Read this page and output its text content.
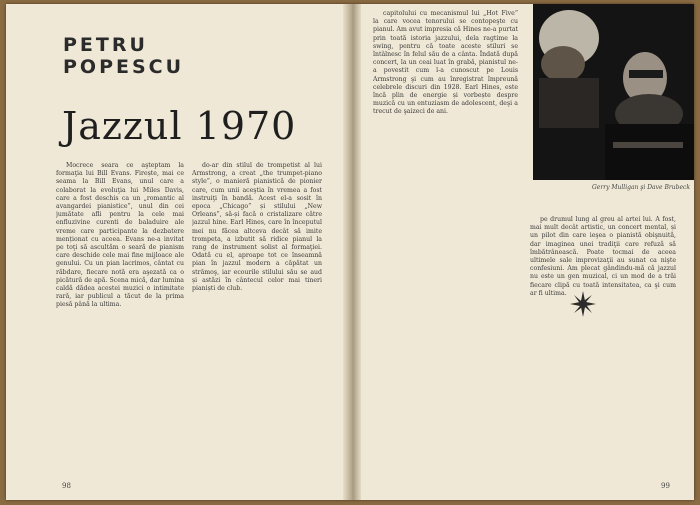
PETRU
POPESCU
Jazzul 1970

Mocrece seara ce aşteptam la formaţia lui Bill Evans. Firește, mai ce seama la Bill Evans, unul care a colaborat la evoluţia lui Miles Davis, care a fost deschis ca un „romantic al avangardei pianistice”, unul din cei jumătate afli pentru la cele mai enfluzivine curenti de baladuire ale vreme care participante la dezbatere menționat cu aceea. Evans ne-a invitat pe toţi să ascultăm o seară de pianism care deschide cele mai fine mijloace ale genului. Cu un pian lacrimos, cântat cu răbdare, fiecare notă era aşezată ca o picătură de apă. Scena mică, dar lumina caldă dădea acestei muzici o intimitate rară, iar publicul a tăcut de la prima piesă până la ultima.

do-ar din stilul de trompetist al lui Armstrong, a creat „the trumpet-piano style”, o manieră pianistică de pionier care, cum unii aceştia în vremea a fost instruiţi în bandă. Acest el-a sosit în epoca „Chicago” și stilului „New Orleans”, să-și facă o cristalizare către jazzul hine. Earl Hines, care în începutul mei nu făcea altceva decât să imite trompeta, a izbutit să ridice pianul la rang de instrument solist al formaţiei. Odată cu el, aproape tot ce înseamnă pian în jazzul modern a căpătat un strămoş, iar ecourile stilului său se aud și astăzi în cântecul celor mai tineri pianiști de club.

98

capitolului cu mecanismul lui „Hot Five” la care vocea tenorului se contopeşte cu pianul. Am avut impresia că Hines ne-a purtat prin toată istoria jazzului, dela ragtime la swing, pentru că toate aceste stiluri se întâlnesc în felul său de a cânta. Îndată după concert, la un ceai luat în grabă, pianistul ne-a povestit cum l-a cunoscut pe Louis Armstrong şi cum au înregistrat împreună celebrele discuri din 1928. Earl Hines, este încă plin de energie și vorbește despre muzică cu un entuziasm de adolescent, deşi a trecut de şaizeci de ani.

Gerry Mulligan şi Dave Brubeck

pe drumul lung al greu al artei lui. A fost, mai mult decât artistic, un concert mental, și un pilot din care ieşea o pianistă obişnuită, dar imaginea unei tradiţii care refuză să îmbătrânească. Poate tocmai de aceea ultimele sale improvizaţii au sunat ca nişte confesiuni. Am plecat gândindu-mă că jazzul nu este un gen muzical, ci un mod de a trăi fiecare clipă cu toată intensitatea, ca şi cum ar fi ultima.

99
